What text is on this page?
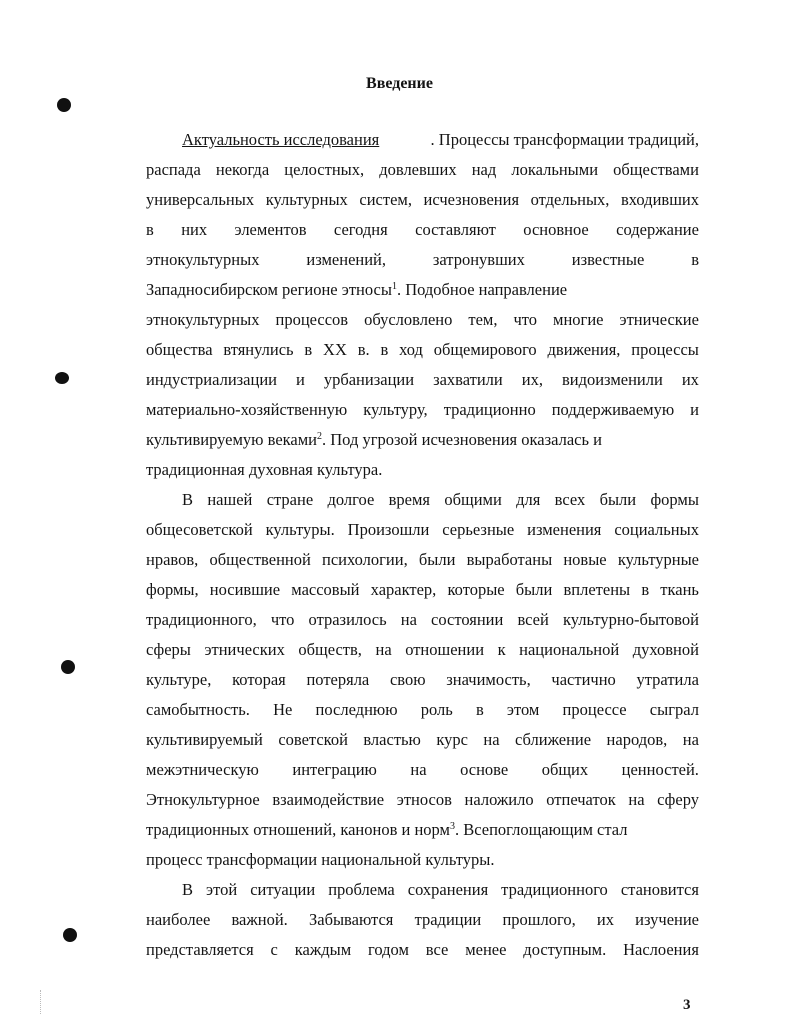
Введение
Актуальность исследования	. Процессы трансформации традиций,
распада некогда целостных, довлевших над локальными обществами
универсальных культурных систем, исчезновения отдельных, входивших
в них элементов сегодня составляют основное содержание
этнокультурных	изменений,	затронувших	известные	в
Западносибирском регионе этносы 1. Подобное направление
этнокультурных процессов обусловлено тем, что многие этнические
общества втянулись в XX в. в ход общемирового движения, процессы
индустриализации и урбанизации захватили их, видоизменили их
материально-хозяйственную культуру, традиционно поддерживаемую и
культивируемую веками 2. Под угрозой исчезновения оказалась и
традиционная духовная культура.
В нашей стране долгое время общими для всех были формы
общесоветской культуры. Произошли серьезные изменения социальных
нравов, общественной психологии, были выработаны новые культурные
формы, носившие массовый характер, которые были вплетены в ткань
традиционного, что отразилось на состоянии всей культурно-бытовой
сферы этнических обществ, на отношении к национальной духовной
культуре, которая потеряла свою значимость, частично утратила
самобытность. Не последнюю роль в этом процессе сыграл
культивируемый советской властью курс на сближение народов, на
межэтническую интеграцию на основе общих ценностей.
Этнокультурное взаимодействие этносов наложило отпечаток на сферу
традиционных отношений, канонов и норм 3. Всепоглощающим стал
процесс трансформации национальной культуры.
В этой ситуации проблема сохранения традиционного становится
наиболее важной. Забываются традиции прошлого, их изучение
представляется с каждым годом все менее доступным. Наслоения
3
